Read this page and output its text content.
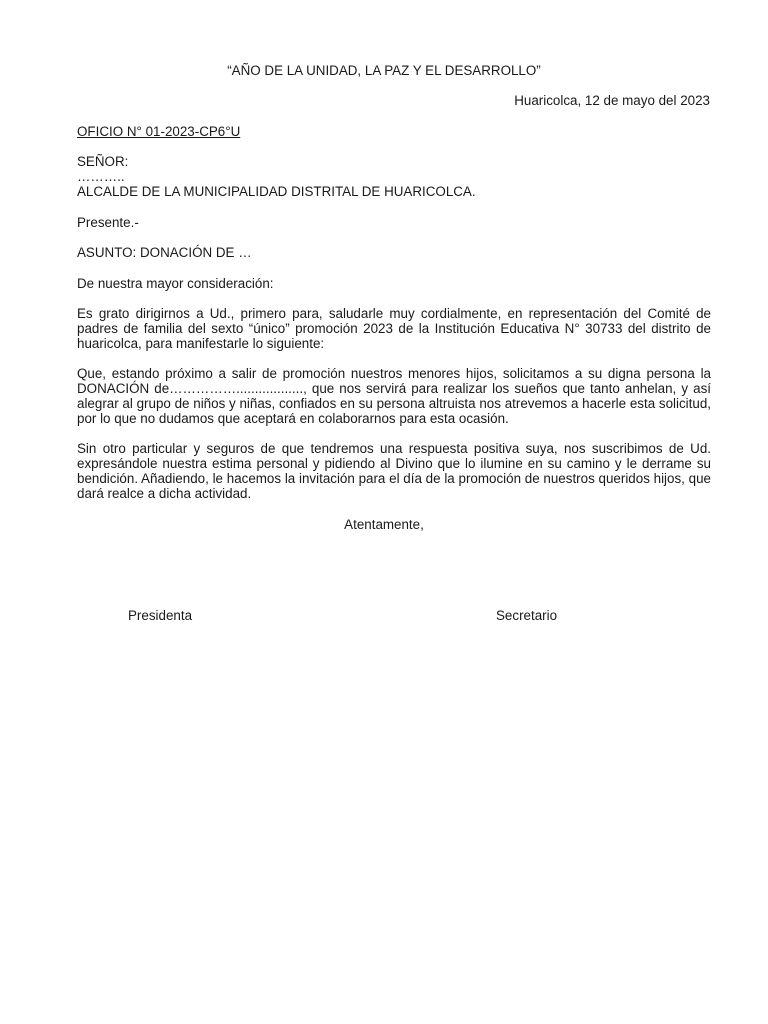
“AÑO DE LA UNIDAD, LA PAZ Y EL DESARROLLO”
Huaricolca, 12 de mayo del 2023
OFICIO N° 01-2023-CP6°U
SEÑOR:
………..
ALCALDE DE LA MUNICIPALIDAD DISTRITAL DE HUARICOLCA.
Presente.-
ASUNTO: DONACIÓN DE …
De nuestra mayor consideración:
Es grato dirigirnos a Ud., primero para, saludarle muy cordialmente, en representación del Comité de padres de familia del sexto “único” promoción 2023 de la Institución Educativa N° 30733 del distrito de huaricolca, para manifestarle lo siguiente:
Que, estando próximo a salir de promoción nuestros menores hijos, solicitamos a su digna persona la DONACIÓN de…………….................., que nos servirá para realizar los sueños que tanto anhelan, y así alegrar al grupo de niños y niñas, confiados en su persona altruista nos atrevemos a hacerle esta solicitud, por lo que no dudamos que aceptará en colaborarnos para esta ocasión.
Sin otro particular y seguros de que tendremos una respuesta positiva suya, nos suscribimos de Ud. expresándole nuestra estima personal y pidiendo al Divino que lo ilumine en su camino y le derrame su bendición. Añadiendo, le hacemos la invitación para el día de la promoción de nuestros queridos hijos, que dará realce a dicha actividad.
Atentamente,
Presidenta	Secretario
